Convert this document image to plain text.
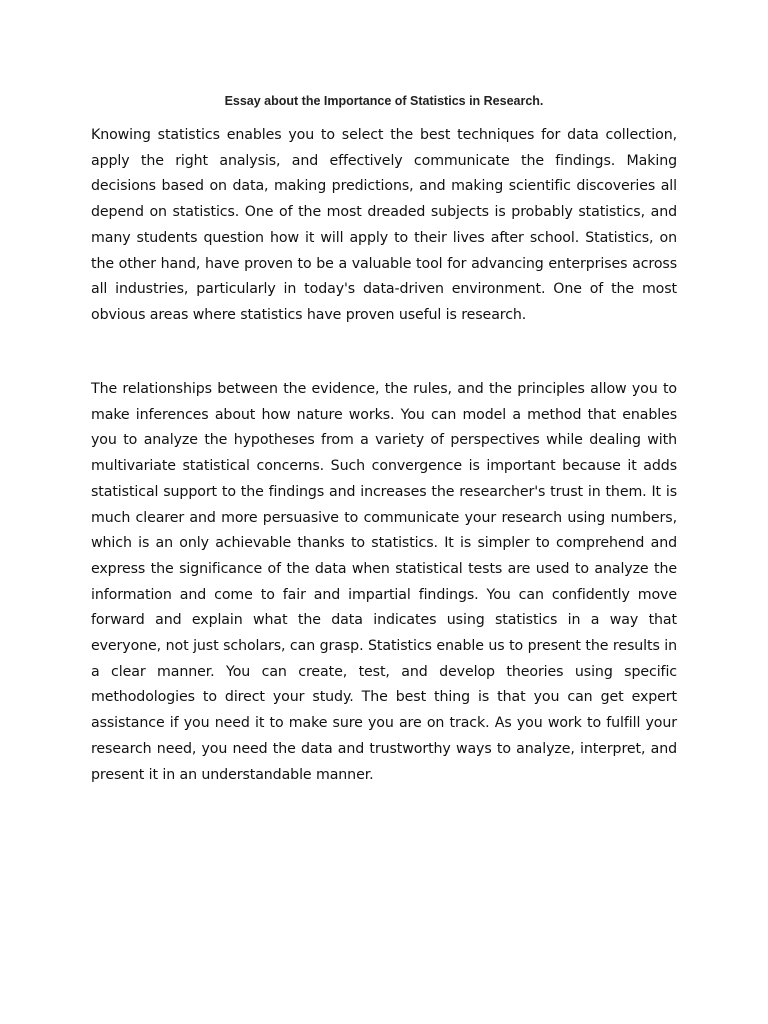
Essay about the Importance of Statistics in Research.

Knowing statistics enables you to select the best techniques for data collection, apply the right analysis, and effectively communicate the findings. Making decisions based on data, making predictions, and making scientific discoveries all depend on statistics. One of the most dreaded subjects is probably statistics, and many students question how it will apply to their lives after school. Statistics, on the other hand, have proven to be a valuable tool for advancing enterprises across all industries, particularly in today's data-driven environment. One of the most obvious areas where statistics have proven useful is research.

The relationships between the evidence, the rules, and the principles allow you to make inferences about how nature works. You can model a method that enables you to analyze the hypotheses from a variety of perspectives while dealing with multivariate statistical concerns. Such convergence is important because it adds statistical support to the findings and increases the researcher's trust in them. It is much clearer and more persuasive to communicate your research using numbers, which is an only achievable thanks to statistics. It is simpler to comprehend and express the significance of the data when statistical tests are used to analyze the information and come to fair and impartial findings. You can confidently move forward and explain what the data indicates using statistics in a way that everyone, not just scholars, can grasp. Statistics enable us to present the results in a clear manner. You can create, test, and develop theories using specific methodologies to direct your study. The best thing is that you can get expert assistance if you need it to make sure you are on track. As you work to fulfill your research need, you need the data and trustworthy ways to analyze, interpret, and present it in an understandable manner.
